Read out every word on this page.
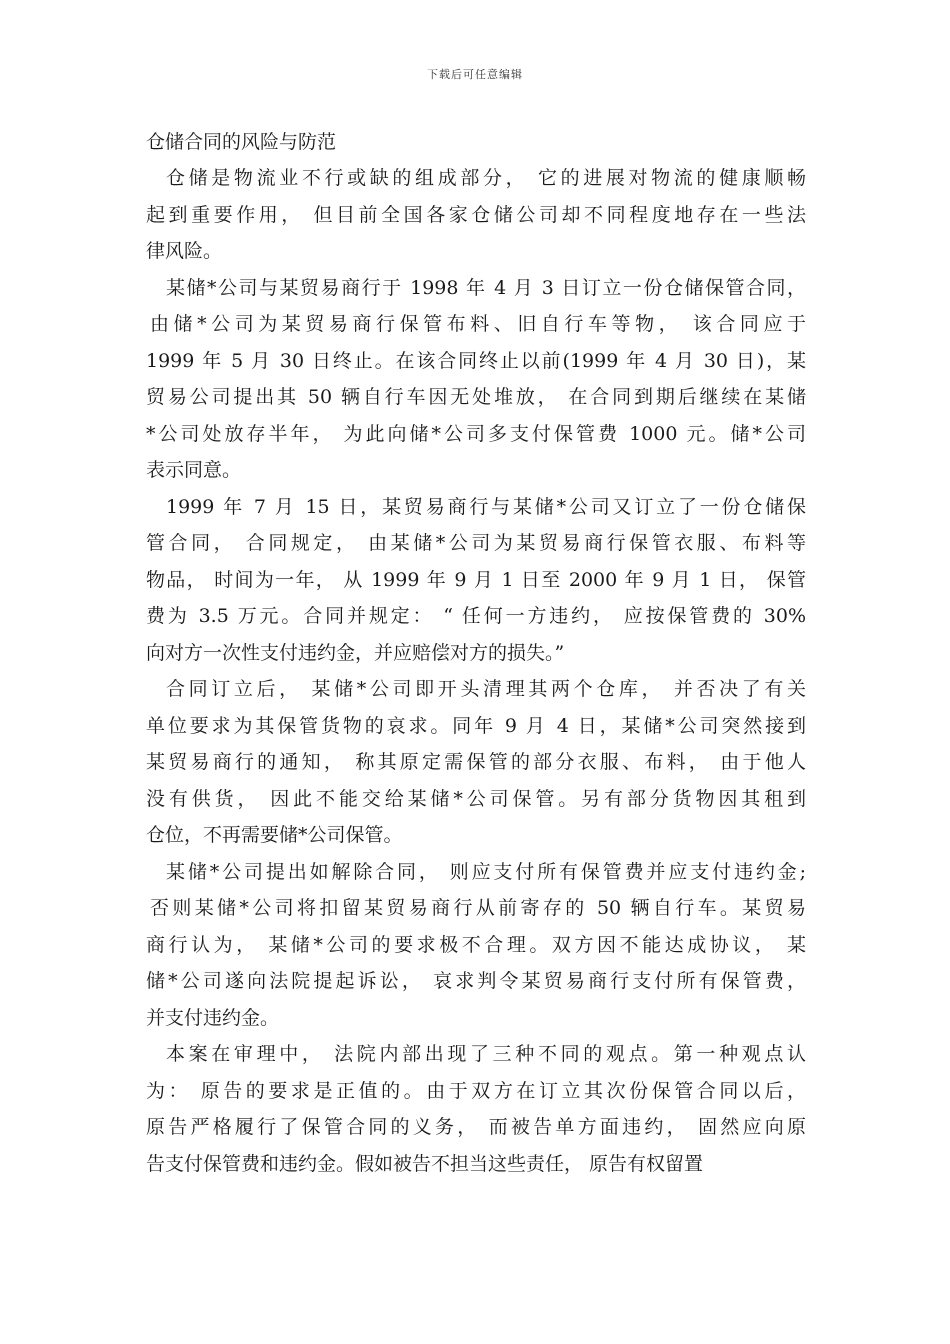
下载后可任意编辑
仓储合同的风险与防范

仓储是物流业不行或缺的组成部分， 它的进展对物流的健康顺畅
起到重要作用， 但目前全国各家仓储公司却不同程度地存在一些法
律风险。

某储*公司与某贸易商行于 1998 年 4 月 3 日订立一份仓储保管合同，
由储*公司为某贸易商行保管布料、旧自行车等物， 该合同应于
1999 年 5 月 30 日终止。在该合同终止以前(1999 年 4 月 30 日)，某
贸易公司提出其 50 辆自行车因无处堆放， 在合同到期后继续在某储
*公司处放存半年， 为此向储*公司多支付保管费 1000 元。储*公司
表示同意。

1999 年 7 月 15 日，某贸易商行与某储*公司又订立了一份仓储保
管合同， 合同规定， 由某储*公司为某贸易商行保管衣服、布料等
物品， 时间为一年， 从 1999 年 9 月 1 日至 2000 年 9 月 1 日， 保管
费为 3.5 万元。合同并规定： “ 任何一方违约， 应按保管费的 30%
向对方一次性支付违约金，并应赔偿对方的损失。”

合同订立后， 某储*公司即开头清理其两个仓库， 并否决了有关
单位要求为其保管货物的哀求。同年 9 月 4 日，某储*公司突然接到
某贸易商行的通知， 称其原定需保管的部分衣服、布料， 由于他人
没有供货， 因此不能交给某储*公司保管。另有部分货物因其租到
仓位，不再需要储*公司保管。

某储*公司提出如解除合同， 则应支付所有保管费并应支付违约金;
否则某储*公司将扣留某贸易商行从前寄存的 50 辆自行车。某贸易
商行认为， 某储*公司的要求极不合理。双方因不能达成协议， 某
储*公司遂向法院提起诉讼， 哀求判令某贸易商行支付所有保管费，
并支付违约金。

本案在审理中， 法院内部出现了三种不同的观点。第一种观点认
为： 原告的要求是正值的。由于双方在订立其次份保管合同以后，
原告严格履行了保管合同的义务， 而被告单方面违约， 固然应向原
告支付保管费和违约金。假如被告不担当这些责任， 原告有权留置
